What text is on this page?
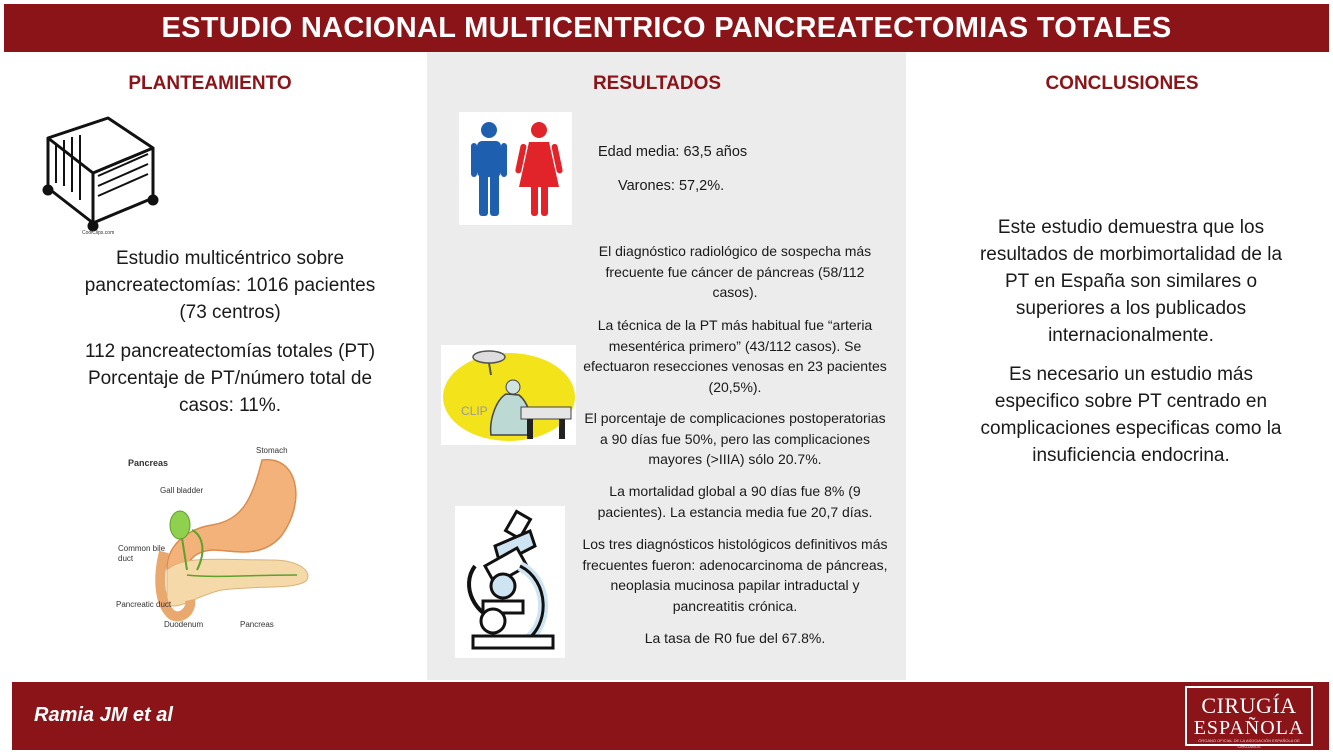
ESTUDIO NACIONAL MULTICENTRICO PANCREATECTOMIAS TOTALES
PLANTEAMIENTO
CoolClips.com
Estudio multicéntrico sobre pancreatectomías: 1016 pacientes (73 centros)
112 pancreatectomías totales (PT) Porcentaje de PT/número total de casos: 11%.
Pancreas
Stomach
Gall bladder
Common bile
duct
Pancreatic duct
Duodenum	Pancreas
RESULTADOS
Edad media: 63,5 años
Varones: 57,2%.
CLIP
El diagnóstico radiológico de sospecha más frecuente fue cáncer de páncreas (58/112 casos).
La técnica de la PT más habitual fue “arteria mesentérica primero” (43/112 casos). Se efectuaron resecciones venosas en 23 pacientes (20,5%).
El porcentaje de complicaciones postoperatorias a 90 días fue 50%, pero las complicaciones mayores (>IIIA) sólo 20.7%.
La mortalidad global a 90 días fue 8% (9 pacientes). La estancia media fue 20,7 días.
Los tres diagnósticos histológicos definitivos más frecuentes fueron: adenocarcinoma de páncreas, neoplasia mucinosa papilar intraductal y pancreatitis crónica.
La tasa de R0 fue del 67.8%.
CONCLUSIONES
Este estudio demuestra que los resultados de morbimortalidad de la PT en España son similares o superiores a los publicados internacionalmente.
Es necesario un estudio más especifico sobre PT centrado en complicaciones especificas como la insuficiencia endocrina.
Ramia JM et al	CIRUGÍA
ESPAÑOLA
ÓRGANO OFICIAL DE LA ASOCIACIÓN ESPAÑOLA DE CIRUJANOS
